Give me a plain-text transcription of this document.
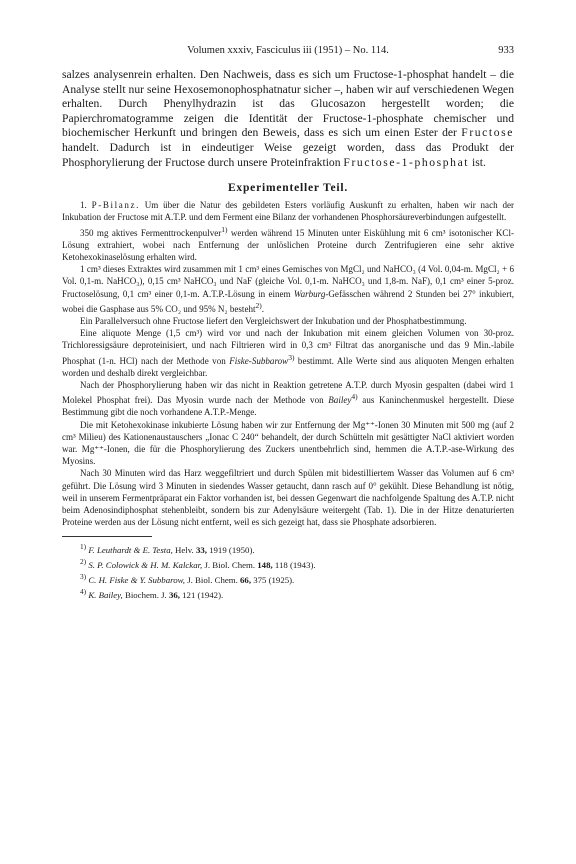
Volumen xxxiv, Fasciculus iii (1951) – No. 114.	933

salzes analysenrein erhalten. Den Nachweis, dass es sich um Fructose-1-phosphat handelt – die Analyse stellt nur seine Hexosemonophosphatnatur sicher –, haben wir auf verschiedenen Wegen erhalten. Durch Phenylhydrazin ist das Glucosazon hergestellt worden; die Papierchromatogramme zeigen die Identität der Fructose-1-phosphate chemischer und biochemischer Herkunft und bringen den Beweis, dass es sich um einen Ester der Fructose handelt. Dadurch ist in eindeutiger Weise gezeigt worden, dass das Produkt der Phosphorylierung der Fructose durch unsere Proteinfraktion Fructose-1-phosphat ist.

Experimenteller Teil.

1. P-Bilanz. Um über die Natur des gebildeten Esters vorläufig Auskunft zu erhalten, haben wir nach der Inkubation der Fructose mit A.T.P. und dem Ferment eine Bilanz der vorhandenen Phosphorsäureverbindungen aufgestellt.

350 mg aktives Fermenttrockenpulver$^{1)}$ werden während 15 Minuten unter Eiskühlung mit 6 cm³ isotonischer KCl-Lösung extrahiert, wobei nach Entfernung der unlöslichen Proteine durch Zentrifugieren eine sehr aktive Ketohexokinaselösung erhalten wird.

1 cm³ dieses Extraktes wird zusammen mit 1 cm³ eines Gemisches von MgCl₂ und NaHCO₃ (4 Vol. 0,04-m. MgCl₂ + 6 Vol. 0,1-m. NaHCO₃), 0,15 cm³ NaHCO₃ und NaF (gleiche Vol. 0,1-m. NaHCO₃ und 1,8-m. NaF), 0,1 cm³ einer 5-proz. Fructoselösung, 0,1 cm³ einer 0,1-m. A.T.P.-Lösung in einem Warburg-Gefässchen während 2 Stunden bei 27° inkubiert, wobei die Gasphase aus 5% CO₂ und 95% N₂ besteht$^{2)}$.

Ein Parallelversuch ohne Fructose liefert den Vergleichswert der Inkubation und der Phosphatbestimmung.

Eine aliquote Menge (1,5 cm³) wird vor und nach der Inkubation mit einem gleichen Volumen von 30-proz. Trichloressigsäure deproteinisiert, und nach Filtrieren wird in 0,3 cm³ Filtrat das anorganische und das 9 Min.-labile Phosphat (1-n. HCl) nach der Methode von Fiske-Subbarow$^{3)}$ bestimmt. Alle Werte sind aus aliquoten Mengen erhalten worden und deshalb direkt vergleichbar.

Nach der Phosphorylierung haben wir das nicht in Reaktion getretene A.T.P. durch Myosin gespalten (dabei wird 1 Molekel Phosphat frei). Das Myosin wurde nach der Methode von Bailey$^{4)}$ aus Kaninchenmuskel hergestellt. Diese Bestimmung gibt die noch vorhandene A.T.P.-Menge.

Die mit Ketohexokinase inkubierte Lösung haben wir zur Entfernung der Mg⁺⁺-Ionen 30 Minuten mit 500 mg (auf 2 cm³ Milieu) des Kationenaustauschers „Ionac C 240“ behandelt, der durch Schütteln mit gesättigter NaCl aktiviert worden war. Mg⁺⁺-Ionen, die für die Phosphorylierung des Zuckers unentbehrlich sind, hemmen die A.T.P.-ase-Wirkung des Myosins.

Nach 30 Minuten wird das Harz weggefiltriert und durch Spülen mit bidestilliertem Wasser das Volumen auf 6 cm³ geführt. Die Lösung wird 3 Minuten in siedendes Wasser getaucht, dann rasch auf 0° gekühlt. Diese Behandlung ist nötig, weil in unserem Fermentpräparat ein Faktor vorhanden ist, bei dessen Gegenwart die nachfolgende Spaltung des A.T.P. nicht beim Adenosindiphosphat stehenbleibt, sondern bis zur Adenylsäure weitergeht (Tab. 1). Die in der Hitze denaturierten Proteine werden aus der Lösung nicht entfernt, weil es sich gezeigt hat, dass sie Phosphate adsorbieren.

$^{1)}$ F. Leuthardt & E. Testa, Helv. 33, 1919 (1950).

$^{2)}$ S. P. Colowick & H. M. Kalckar, J. Biol. Chem. 148, 118 (1943).

$^{3)}$ C. H. Fiske & Y. Subbarow, J. Biol. Chem. 66, 375 (1925).

$^{4)}$ K. Bailey, Biochem. J. 36, 121 (1942).
